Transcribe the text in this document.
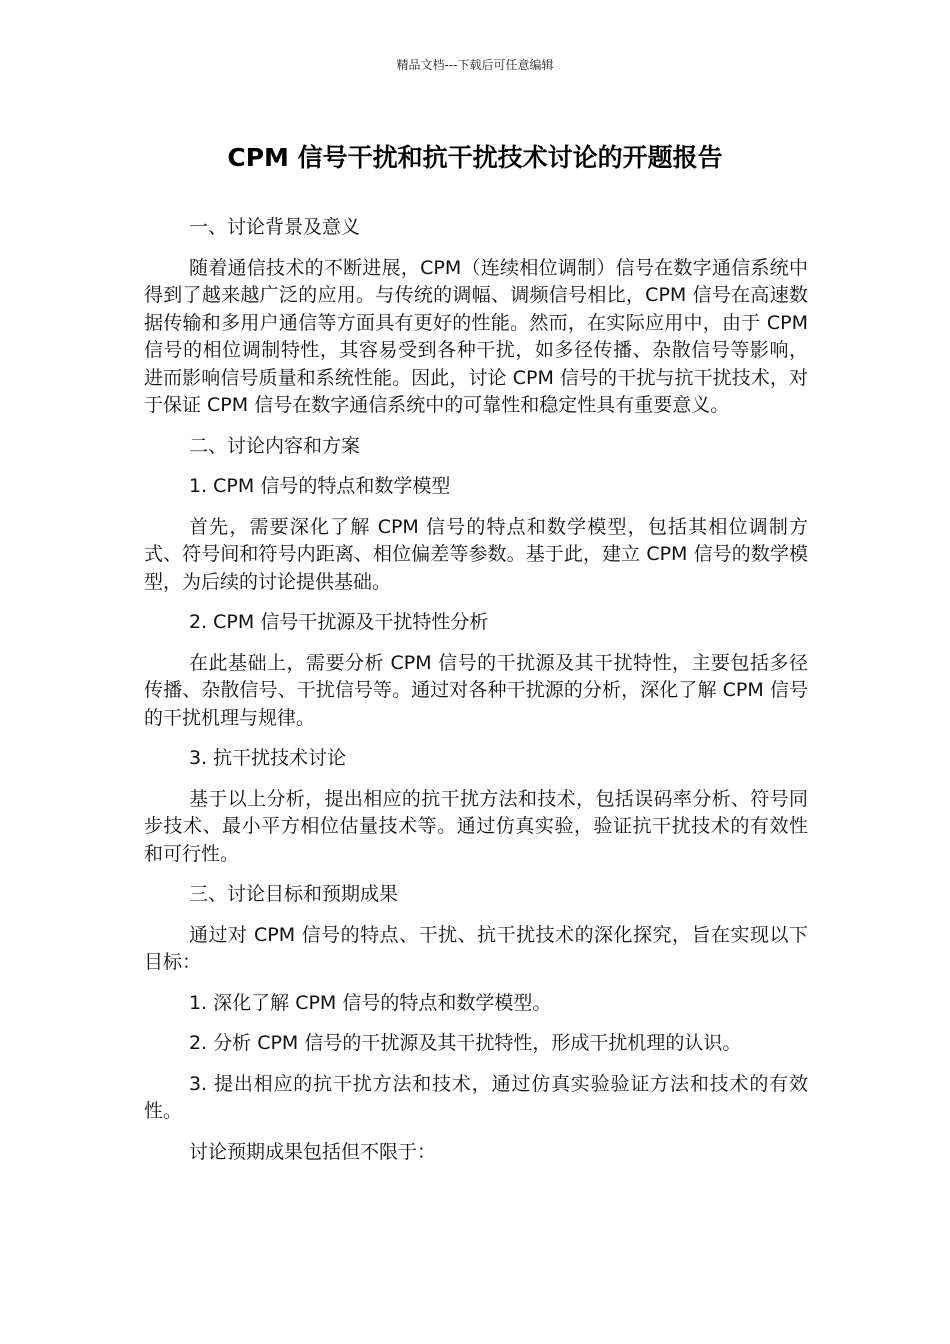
精品文档---下载后可任意编辑
CPM 信号干扰和抗干扰技术讨论的开题报告

一、讨论背景及意义

随着通信技术的不断进展，CPM（连续相位调制）信号在数字通信系统中得到了越来越广泛的应用。与传统的调幅、调频信号相比，CPM 信号在高速数据传输和多用户通信等方面具有更好的性能。然而，在实际应用中，由于 CPM 信号的相位调制特性，其容易受到各种干扰，如多径传播、杂散信号等影响，进而影响信号质量和系统性能。因此，讨论 CPM 信号的干扰与抗干扰技术，对于保证 CPM 信号在数字通信系统中的可靠性和稳定性具有重要意义。

二、讨论内容和方案

1. CPM 信号的特点和数学模型

首先，需要深化了解 CPM 信号的特点和数学模型，包括其相位调制方式、符号间和符号内距离、相位偏差等参数。基于此，建立 CPM 信号的数学模型，为后续的讨论提供基础。

2. CPM 信号干扰源及干扰特性分析

在此基础上，需要分析 CPM 信号的干扰源及其干扰特性，主要包括多径传播、杂散信号、干扰信号等。通过对各种干扰源的分析，深化了解 CPM 信号的干扰机理与规律。

3. 抗干扰技术讨论

基于以上分析，提出相应的抗干扰方法和技术，包括误码率分析、符号同步技术、最小平方相位估量技术等。通过仿真实验，验证抗干扰技术的有效性和可行性。

三、讨论目标和预期成果

通过对 CPM 信号的特点、干扰、抗干扰技术的深化探究，旨在实现以下目标：

1. 深化了解 CPM 信号的特点和数学模型。

2. 分析 CPM 信号的干扰源及其干扰特性，形成干扰机理的认识。

3. 提出相应的抗干扰方法和技术，通过仿真实验验证方法和技术的有效性。

讨论预期成果包括但不限于：
